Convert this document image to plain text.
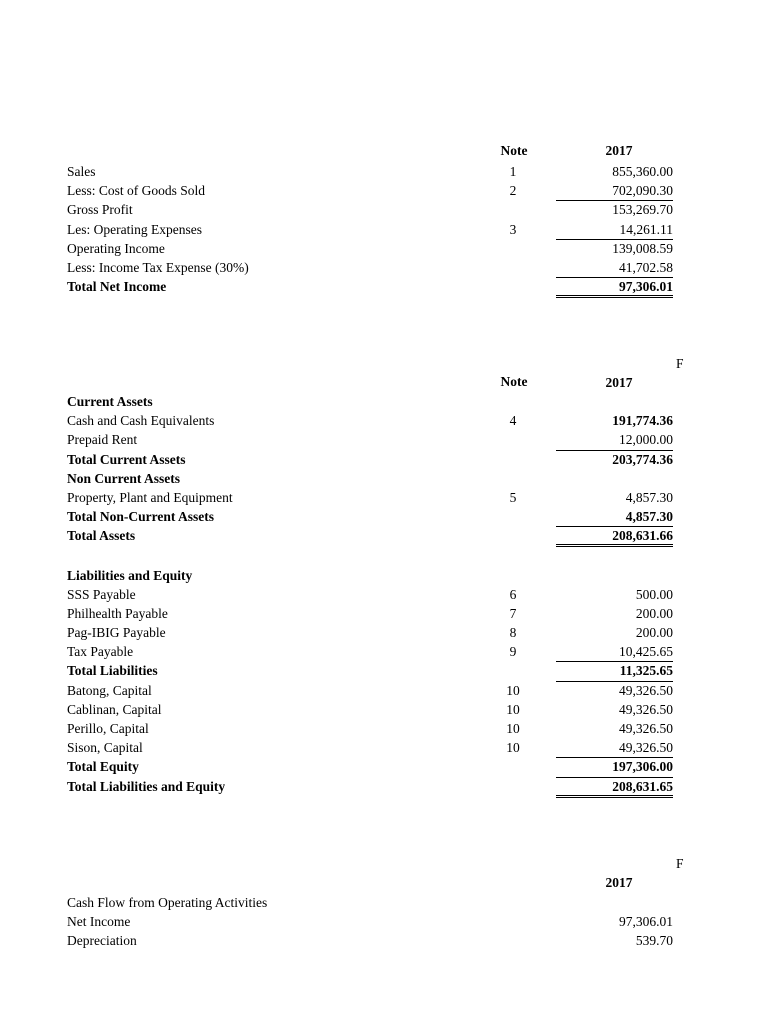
Note	2017
Sales	1	855,360.00
Less: Cost of Goods Sold	2	702,090.30
Gross Profit	153,269.70
Les: Operating Expenses	3	14,261.11
Operating Income	139,008.59
Less: Income Tax Expense (30%)	41,702.58
Total Net Income	97,306.01
F
Note	2017
Current Assets
Cash and Cash Equivalents	4	191,774.36
Prepaid Rent	12,000.00
Total Current Assets	203,774.36
Non Current Assets
Property, Plant and Equipment	5	4,857.30
Total Non-Current Assets	4,857.30
Total Assets	208,631.66
Liabilities and Equity
SSS Payable	6	500.00
Philhealth Payable	7	200.00
Pag-IBIG Payable	8	200.00
Tax Payable	9	10,425.65
Total Liabilities	11,325.65
Batong, Capital	10	49,326.50
Cablinan, Capital	10	49,326.50
Perillo, Capital	10	49,326.50
Sison, Capital	10	49,326.50
Total Equity	197,306.00
Total Liabilities and Equity	208,631.65
F
2017
Cash Flow from Operating Activities
Net Income	97,306.01
Depreciation	539.70
